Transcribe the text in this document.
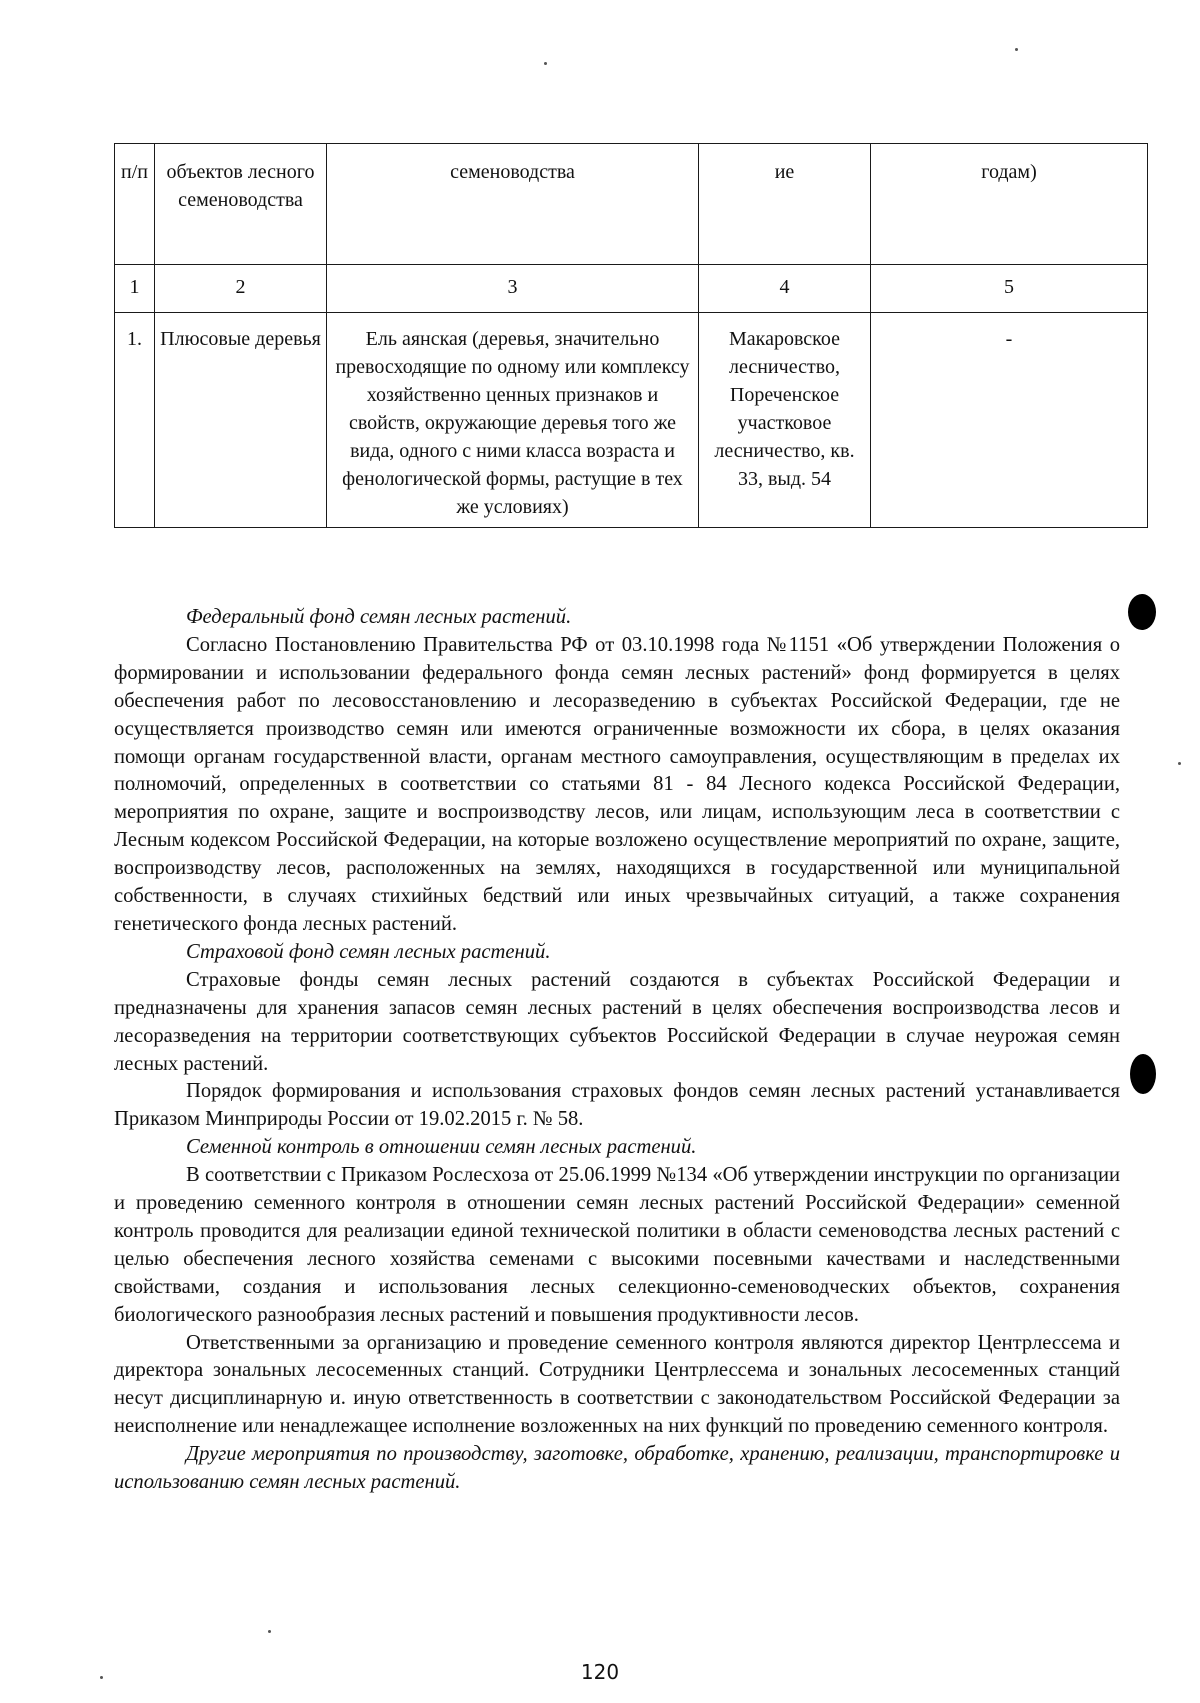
п/п	объектов лесного семеноводства	семеноводства	ие	годам)
1	2	3	4	5
1.	Плюсовые деревья	Ель аянская (деревья, значительно превосходящие по одному или комплексу хозяйственно ценных признаков и свойств, окружающие деревья того же вида, одного с ними класса возраста и фенологической формы, растущие в тех же условиях)	Макаровское лесничество, Пореченское участковое лесничество, кв. 33, выд. 54	-

Федеральный фонд семян лесных растений.

Согласно Постановлению Правительства РФ от 03.10.1998 года №1151 «Об утверждении Положения о формировании и использовании федерального фонда семян лесных растений» фонд формируется в целях обеспечения работ по лесовосстановлению и лесоразведению в субъектах Российской Федерации, где не осуществляется производство семян или имеются ограниченные возможности их сбора, в целях оказания помощи органам государственной власти, органам местного самоуправления, осуществляющим в пределах их полномочий, определенных в соответствии со статьями 81 - 84 Лесного кодекса Российской Федерации, мероприятия по охране, защите и воспроизводству лесов, или лицам, использующим леса в соответствии с Лесным кодексом Российской Федерации, на которые возложено осуществление мероприятий по охране, защите, воспроизводству лесов, расположенных на землях, находящихся в государственной или муниципальной собственности, в случаях стихийных бедствий или иных чрезвычайных ситуаций, а также сохранения генетического фонда лесных растений.

Страховой фонд семян лесных растений.

Страховые фонды семян лесных растений создаются в субъектах Российской Федерации и предназначены для хранения запасов семян лесных растений в целях обеспечения воспроизводства лесов и лесоразведения на территории соответствующих субъектов Российской Федерации в случае неурожая семян лесных растений.

Порядок формирования и использования страховых фондов семян лесных растений устанавливается Приказом Минприроды России от 19.02.2015 г. № 58.

Семенной контроль в отношении семян лесных растений.

В соответствии с Приказом Рослесхоза от 25.06.1999 №134 «Об утверждении инструкции по организации и проведению семенного контроля в отношении семян лесных растений Российской Федерации» семенной контроль проводится для реализации единой технической политики в области семеноводства лесных растений с целью обеспечения лесного хозяйства семенами с высокими посевными качествами и наследственными свойствами, создания и использования лесных селекционно-семеноводческих объектов, сохранения биологического разнообразия лесных растений и повышения продуктивности лесов.

Ответственными за организацию и проведение семенного контроля являются директор Центрлессема и директора зональных лесосеменных станций. Сотрудники Центрлессема и зональных лесосеменных станций несут дисциплинарную и. иную ответственность в соответствии с законодательством Российской Федерации за неисполнение или ненадлежащее исполнение возложенных на них функций по проведению семенного контроля.

Другие мероприятия по производству, заготовке, обработке, хранению, реализации, транспортировке и использованию семян лесных растений.

120
